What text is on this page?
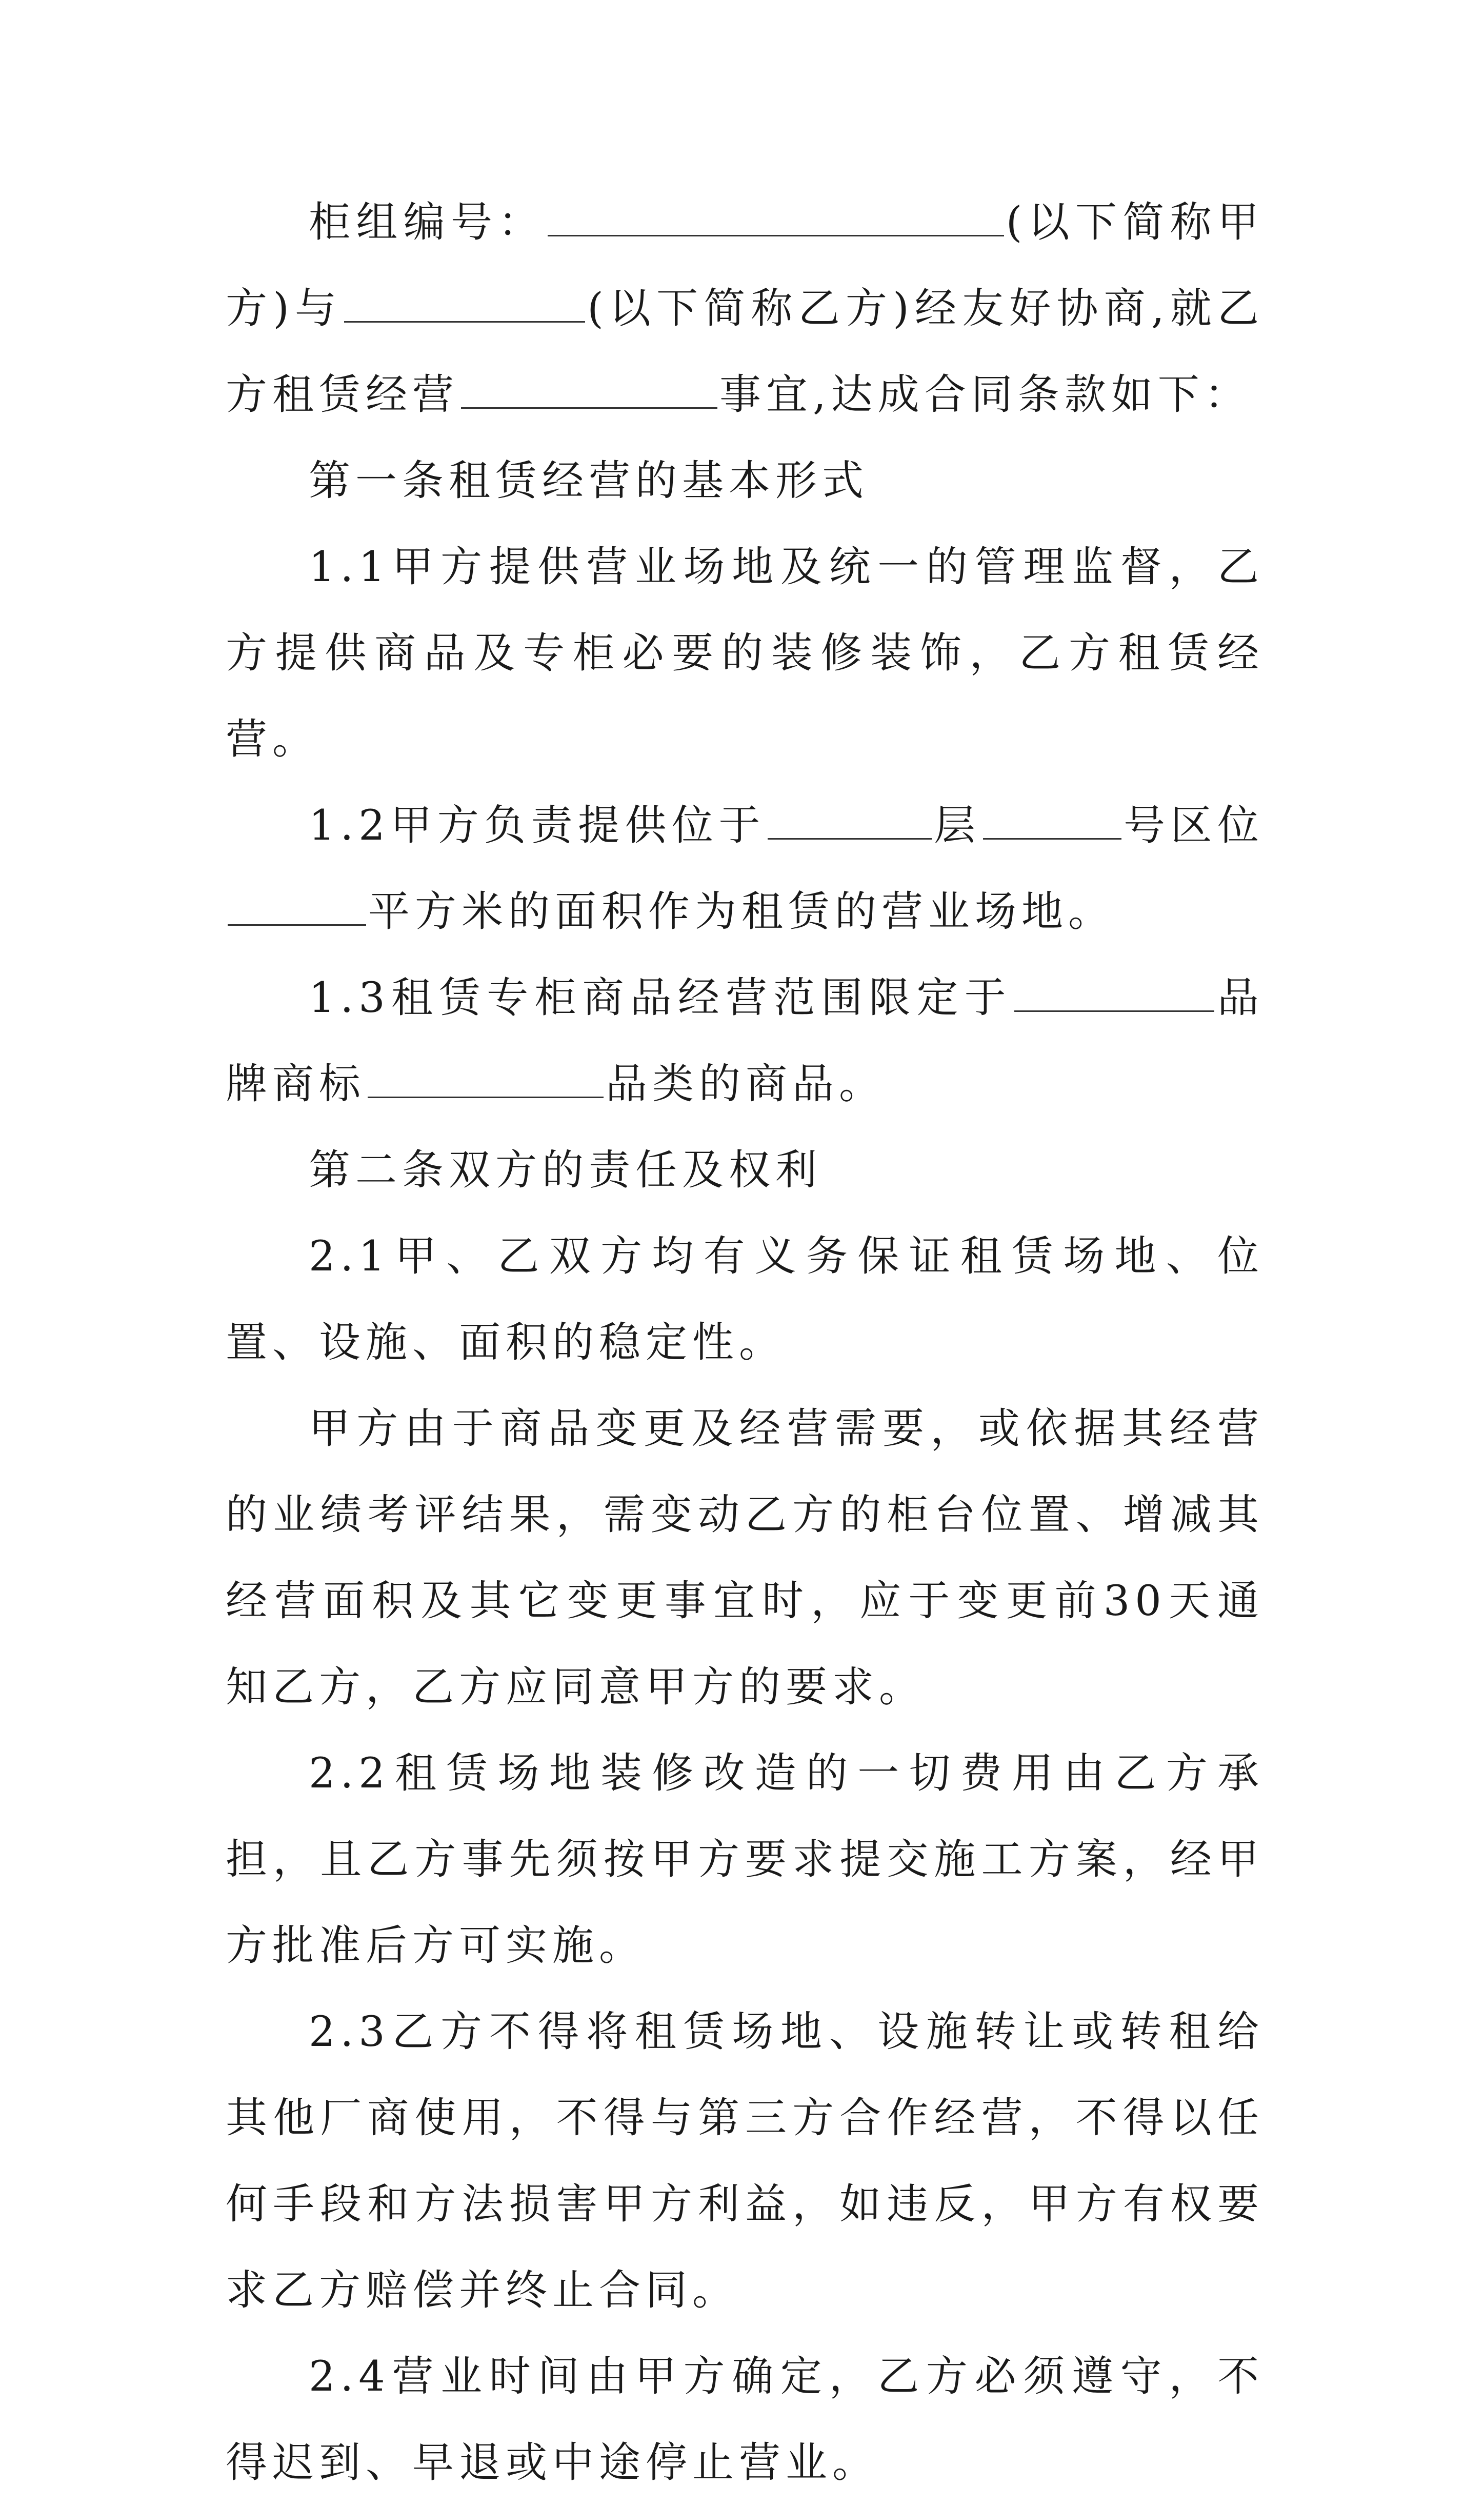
柜组编号：	(以下简称甲方)与	(以下简称乙方)经友好协商,就乙方租赁经营	事宜,达成合同条款如下：

第一条租赁经营的基本形式

1.1甲方提供营业场地及统一的管理监督，乙方提供商品及专柜必要的装修装饰，乙方租赁经营。

1.2甲方负责提供位于	层	号区位平方米的面积作为租赁的营业场地。

1.3租赁专柜商品经营范围限定于	品牌商标	品类的商品。

第二条双方的责任及权利

2.1甲、乙双方均有义务保证租赁场地、位置、设施、面积的稳定性。

甲方由于商品变更及经营需要，或依据其经营的业绩考评结果，需变动乙方的柜台位置、增减其经营面积及其它变更事宜时，应于变更前30天通知乙方，乙方应同意甲方的要求。

2.2租赁场地装修改造的一切费用由乙方承担，且乙方事先须按甲方要求提交施工方案，经甲方批准后方可实施。

2.3乙方不得将租赁场地、设施转让或转租给其他厂商使用，不得与第三方合作经营，不得以任何手段和方法损害甲方利益，如违反，甲方有权要求乙方赔偿并终止合同。

2.4营业时间由甲方确定，乙方必须遵守，不得迟到、早退或中途停止营业。
